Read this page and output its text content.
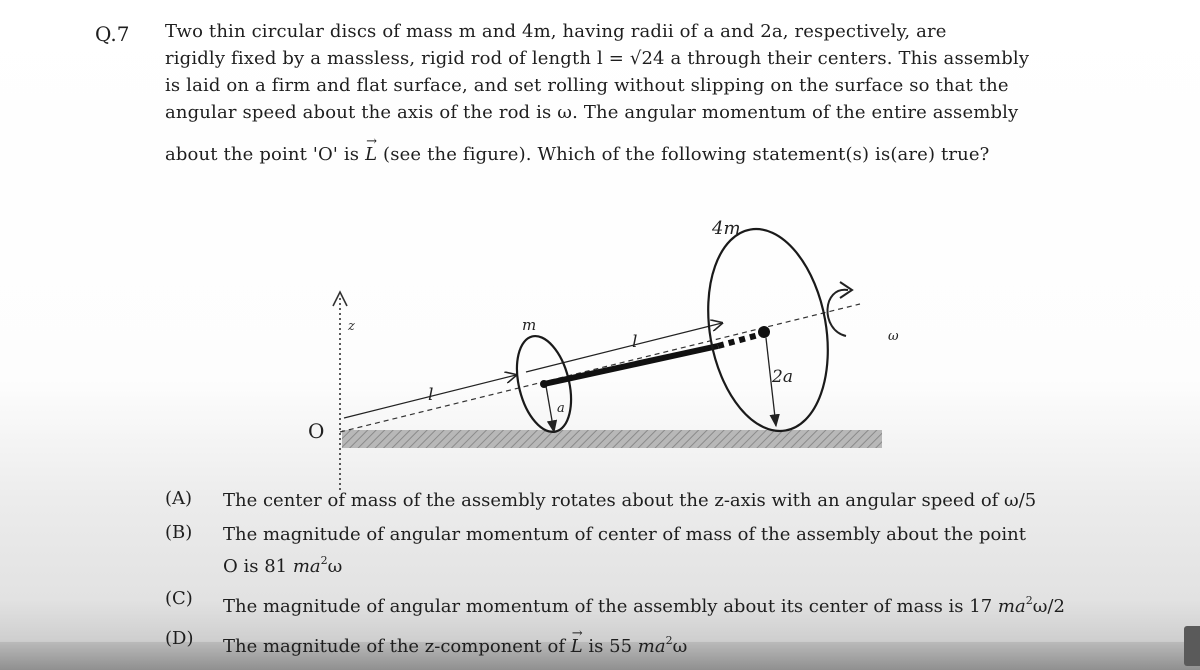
Q.7 Two thin circular discs of mass m and 4m, having radii of a and 2a, respectively, are
rigidly fixed by a massless, rigid rod of length l = √24 a through their centers. This assembly
is laid on a firm and flat surface, and set rolling without slipping on the surface so that the
angular speed about the axis of the rod is ω. The angular momentum of the entire assembly
about the point 'O' is → L (see the figure). Which of the following statement(s) is(are) true?
z
O
l
l
m
a
4m
2a
ω
(A) The center of mass of the assembly rotates about the z-axis with an angular speed of ω/5
(B) The magnitude of angular momentum of center of mass of the assembly about the point
O is 81 $ma^2\omega$
(C) The magnitude of angular momentum of the assembly about its center of mass is 17 $ma^2\omega/2$
(D) The magnitude of the z-component of → L is 55 $ma^2\omega$
